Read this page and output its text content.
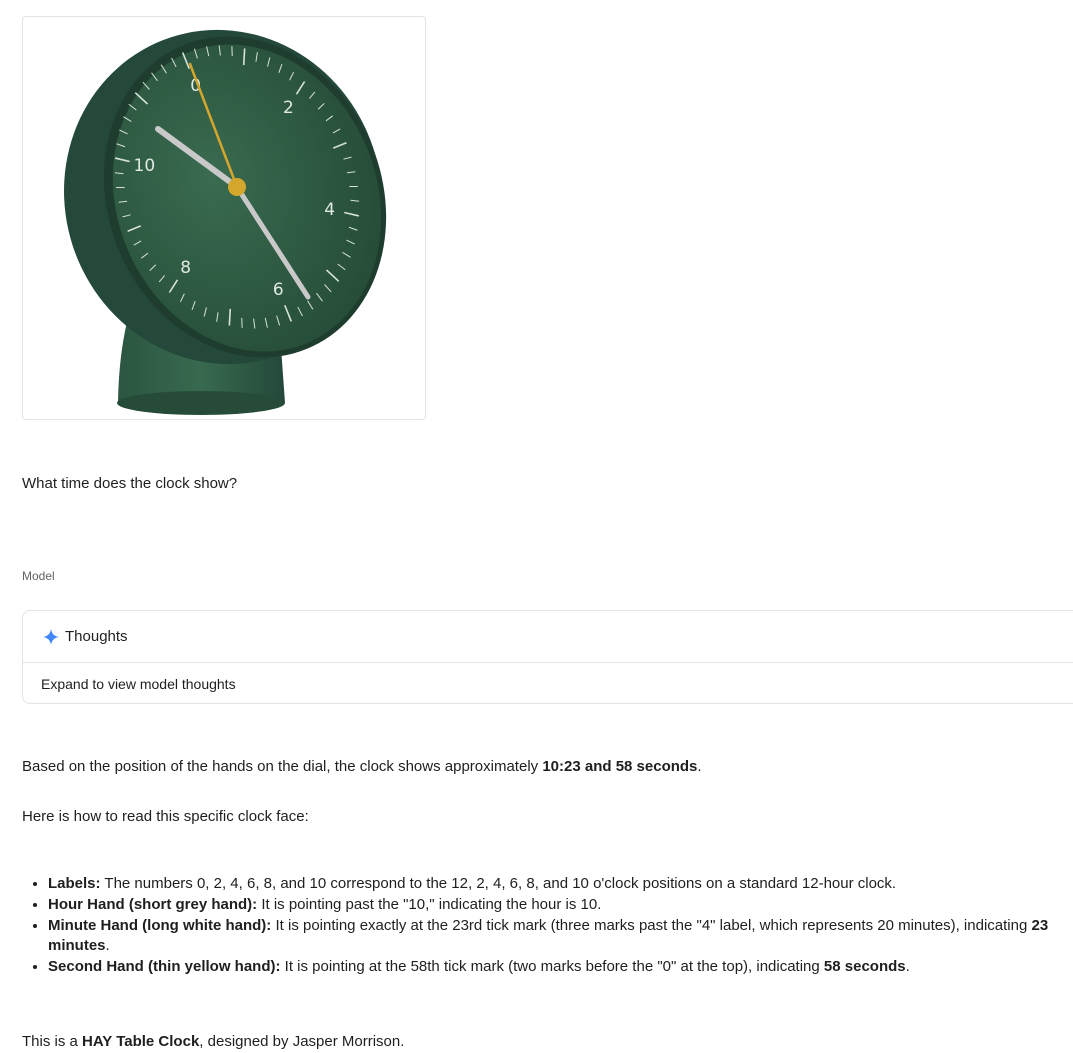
0
2
4
6
8
10
What time does the clock show?
Model
Thoughts
Expand to view model thoughts

Based on the position of the hands on the dial, the clock shows approximately 10:23 and 58 seconds.

Here is how to read this specific clock face:

• Labels: The numbers 0, 2, 4, 6, 8, and 10 correspond to the 12, 2, 4, 6, 8, and 10 o'clock positions on a standard 12-hour clock.
• Hour Hand (short grey hand): It is pointing past the "10," indicating the hour is 10.
• Minute Hand (long white hand): It is pointing exactly at the 23rd tick mark (three marks past the "4" label, which represents 20 minutes), indicating 23 minutes.
• Second Hand (thin yellow hand): It is pointing at the 58th tick mark (two marks before the "0" at the top), indicating 58 seconds.

This is a HAY Table Clock, designed by Jasper Morrison.
